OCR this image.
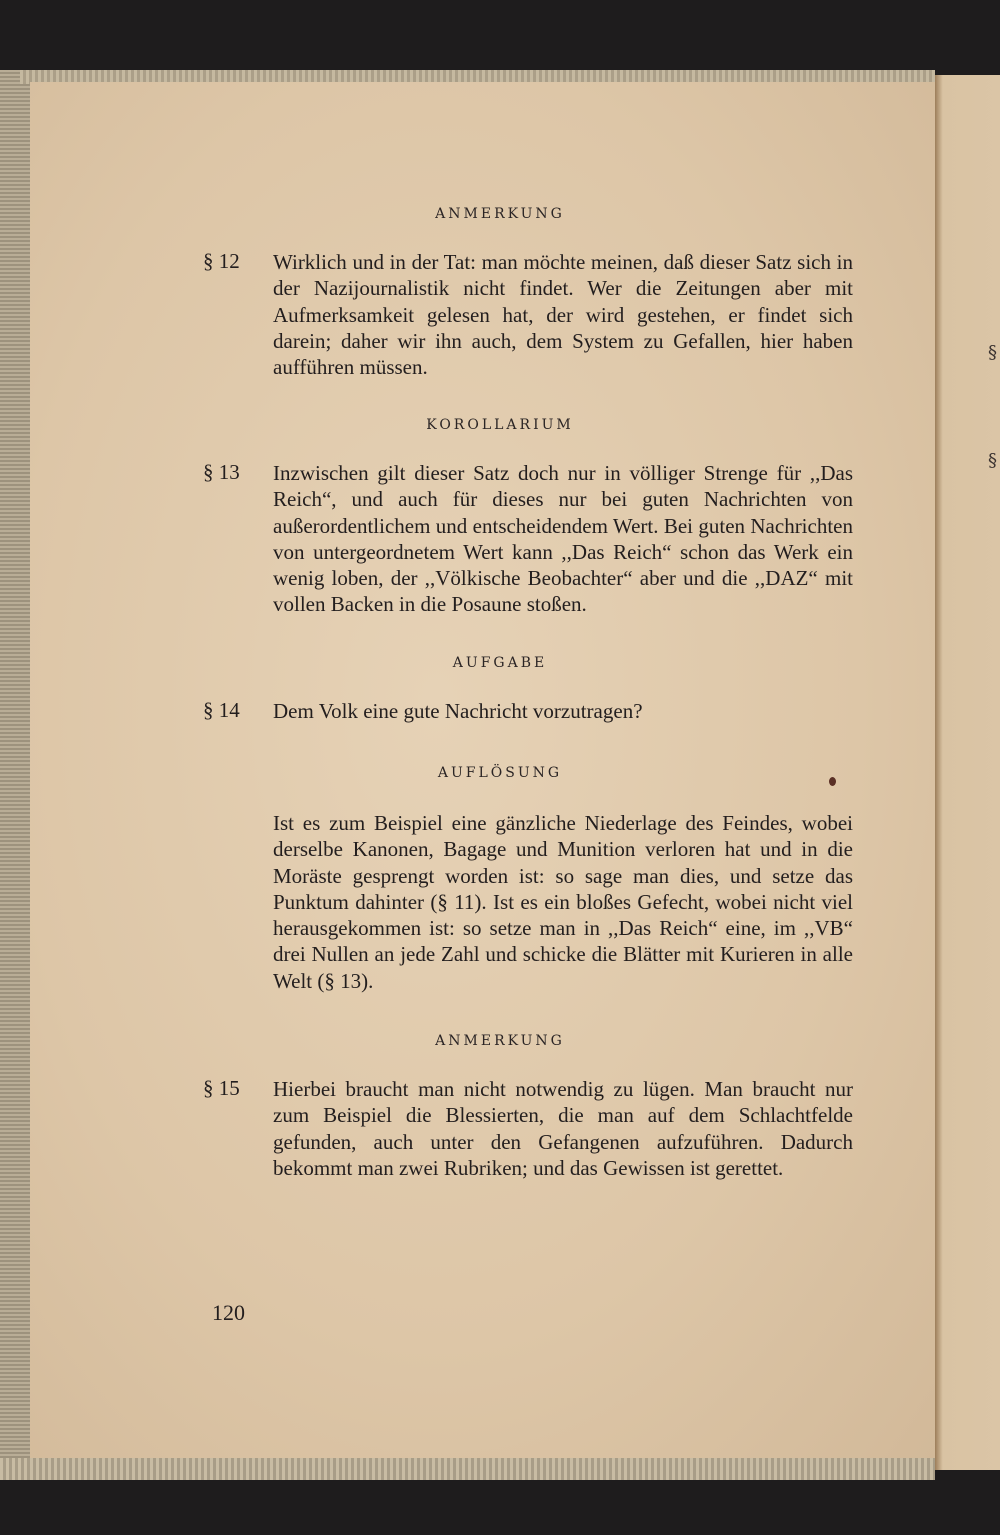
§
§
ANMERKUNG
§ 12 Wirklich und in der Tat: man möchte meinen, daß dieser Satz sich in der Nazijournalistik nicht findet. Wer die Zeitungen aber mit Aufmerksamkeit gelesen hat, der wird gestehen, er findet sich darein; daher wir ihn auch, dem System zu Gefallen, hier haben aufführen müssen.
KOROLLARIUM
§ 13 Inzwischen gilt dieser Satz doch nur in völliger Strenge für ,,Das Reich“, und auch für dieses nur bei guten Nachrichten von außerordentlichem und entscheidendem Wert. Bei guten Nachrichten von untergeordnetem Wert kann ,,Das Reich“ schon das Werk ein wenig loben, der ,,Völkische Beobachter“ aber und die ,,DAZ“ mit vollen Backen in die Posaune stoßen.
AUFGABE
§ 14 Dem Volk eine gute Nachricht vorzutragen?
AUFLÖSUNG
Ist es zum Beispiel eine gänzliche Niederlage des Feindes, wobei derselbe Kanonen, Bagage und Munition verloren hat und in die Moräste gesprengt worden ist: so sage man dies, und setze das Punktum dahinter (§ 11). Ist es ein bloßes Gefecht, wobei nicht viel herausgekommen ist: so setze man in ,,Das Reich“ eine, im ,,VB“ drei Nullen an jede Zahl und schicke die Blätter mit Kurieren in alle Welt (§ 13).
ANMERKUNG
§ 15 Hierbei braucht man nicht notwendig zu lügen. Man braucht nur zum Beispiel die Blessierten, die man auf dem Schlachtfelde gefunden, auch unter den Gefangenen aufzuführen. Dadurch bekommt man zwei Rubriken; und das Gewissen ist gerettet.
120
